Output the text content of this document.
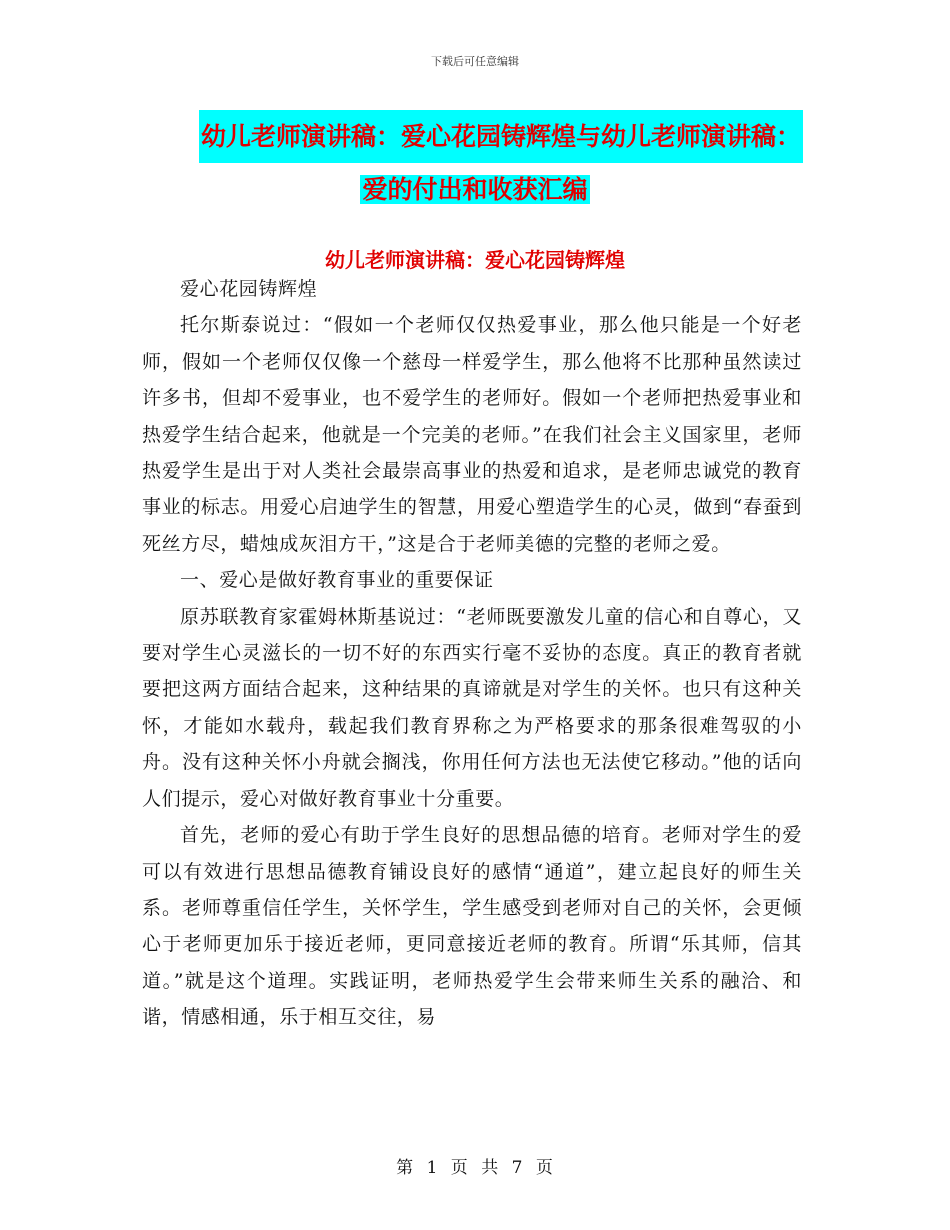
下载后可任意编辑
幼儿老师演讲稿：爱心花园铸辉煌与幼儿老师演讲稿：
爱的付出和收获汇编
幼儿老师演讲稿：爱心花园铸辉煌

爱心花园铸辉煌

托尔斯泰说过：“假如一个老师仅仅热爱事业，那么他只能是一个好老师，假如一个老师仅仅像一个慈母一样爱学生，那么他将不比那种虽然读过许多书，但却不爱事业，也不爱学生的老师好。假如一个老师把热爱事业和热爱学生结合起来，他就是一个完美的老师。”在我们社会主义国家里，老师热爱学生是出于对人类社会最崇高事业的热爱和追求，是老师忠诚党的教育事业的标志。用爱心启迪学生的智慧，用爱心塑造学生的心灵，做到“春蚕到死丝方尽，蜡烛成灰泪方干，”这是合于老师美德的完整的老师之爱。

一、爱心是做好教育事业的重要保证

原苏联教育家霍姆林斯基说过：“老师既要激发儿童的信心和自尊心，又要对学生心灵滋长的一切不好的东西实行毫不妥协的态度。真正的教育者就要把这两方面结合起来，这种结果的真谛就是对学生的关怀。也只有这种关怀，才能如水载舟，载起我们教育界称之为严格要求的那条很难驾驭的小舟。没有这种关怀小舟就会搁浅，你用任何方法也无法使它移动。”他的话向人们提示，爱心对做好教育事业十分重要。

首先，老师的爱心有助于学生良好的思想品德的培育。老师对学生的爱可以有效进行思想品德教育铺设良好的感情“通道”，建立起良好的师生关系。老师尊重信任学生，关怀学生，学生感受到老师对自己的关怀，会更倾心于老师更加乐于接近老师，更同意接近老师的教育。所谓“乐其师，信其道。”就是这个道理。实践证明，老师热爱学生会带来师生关系的融洽、和谐，情感相通，乐于相互交往，易

第 1 页 共 7 页
